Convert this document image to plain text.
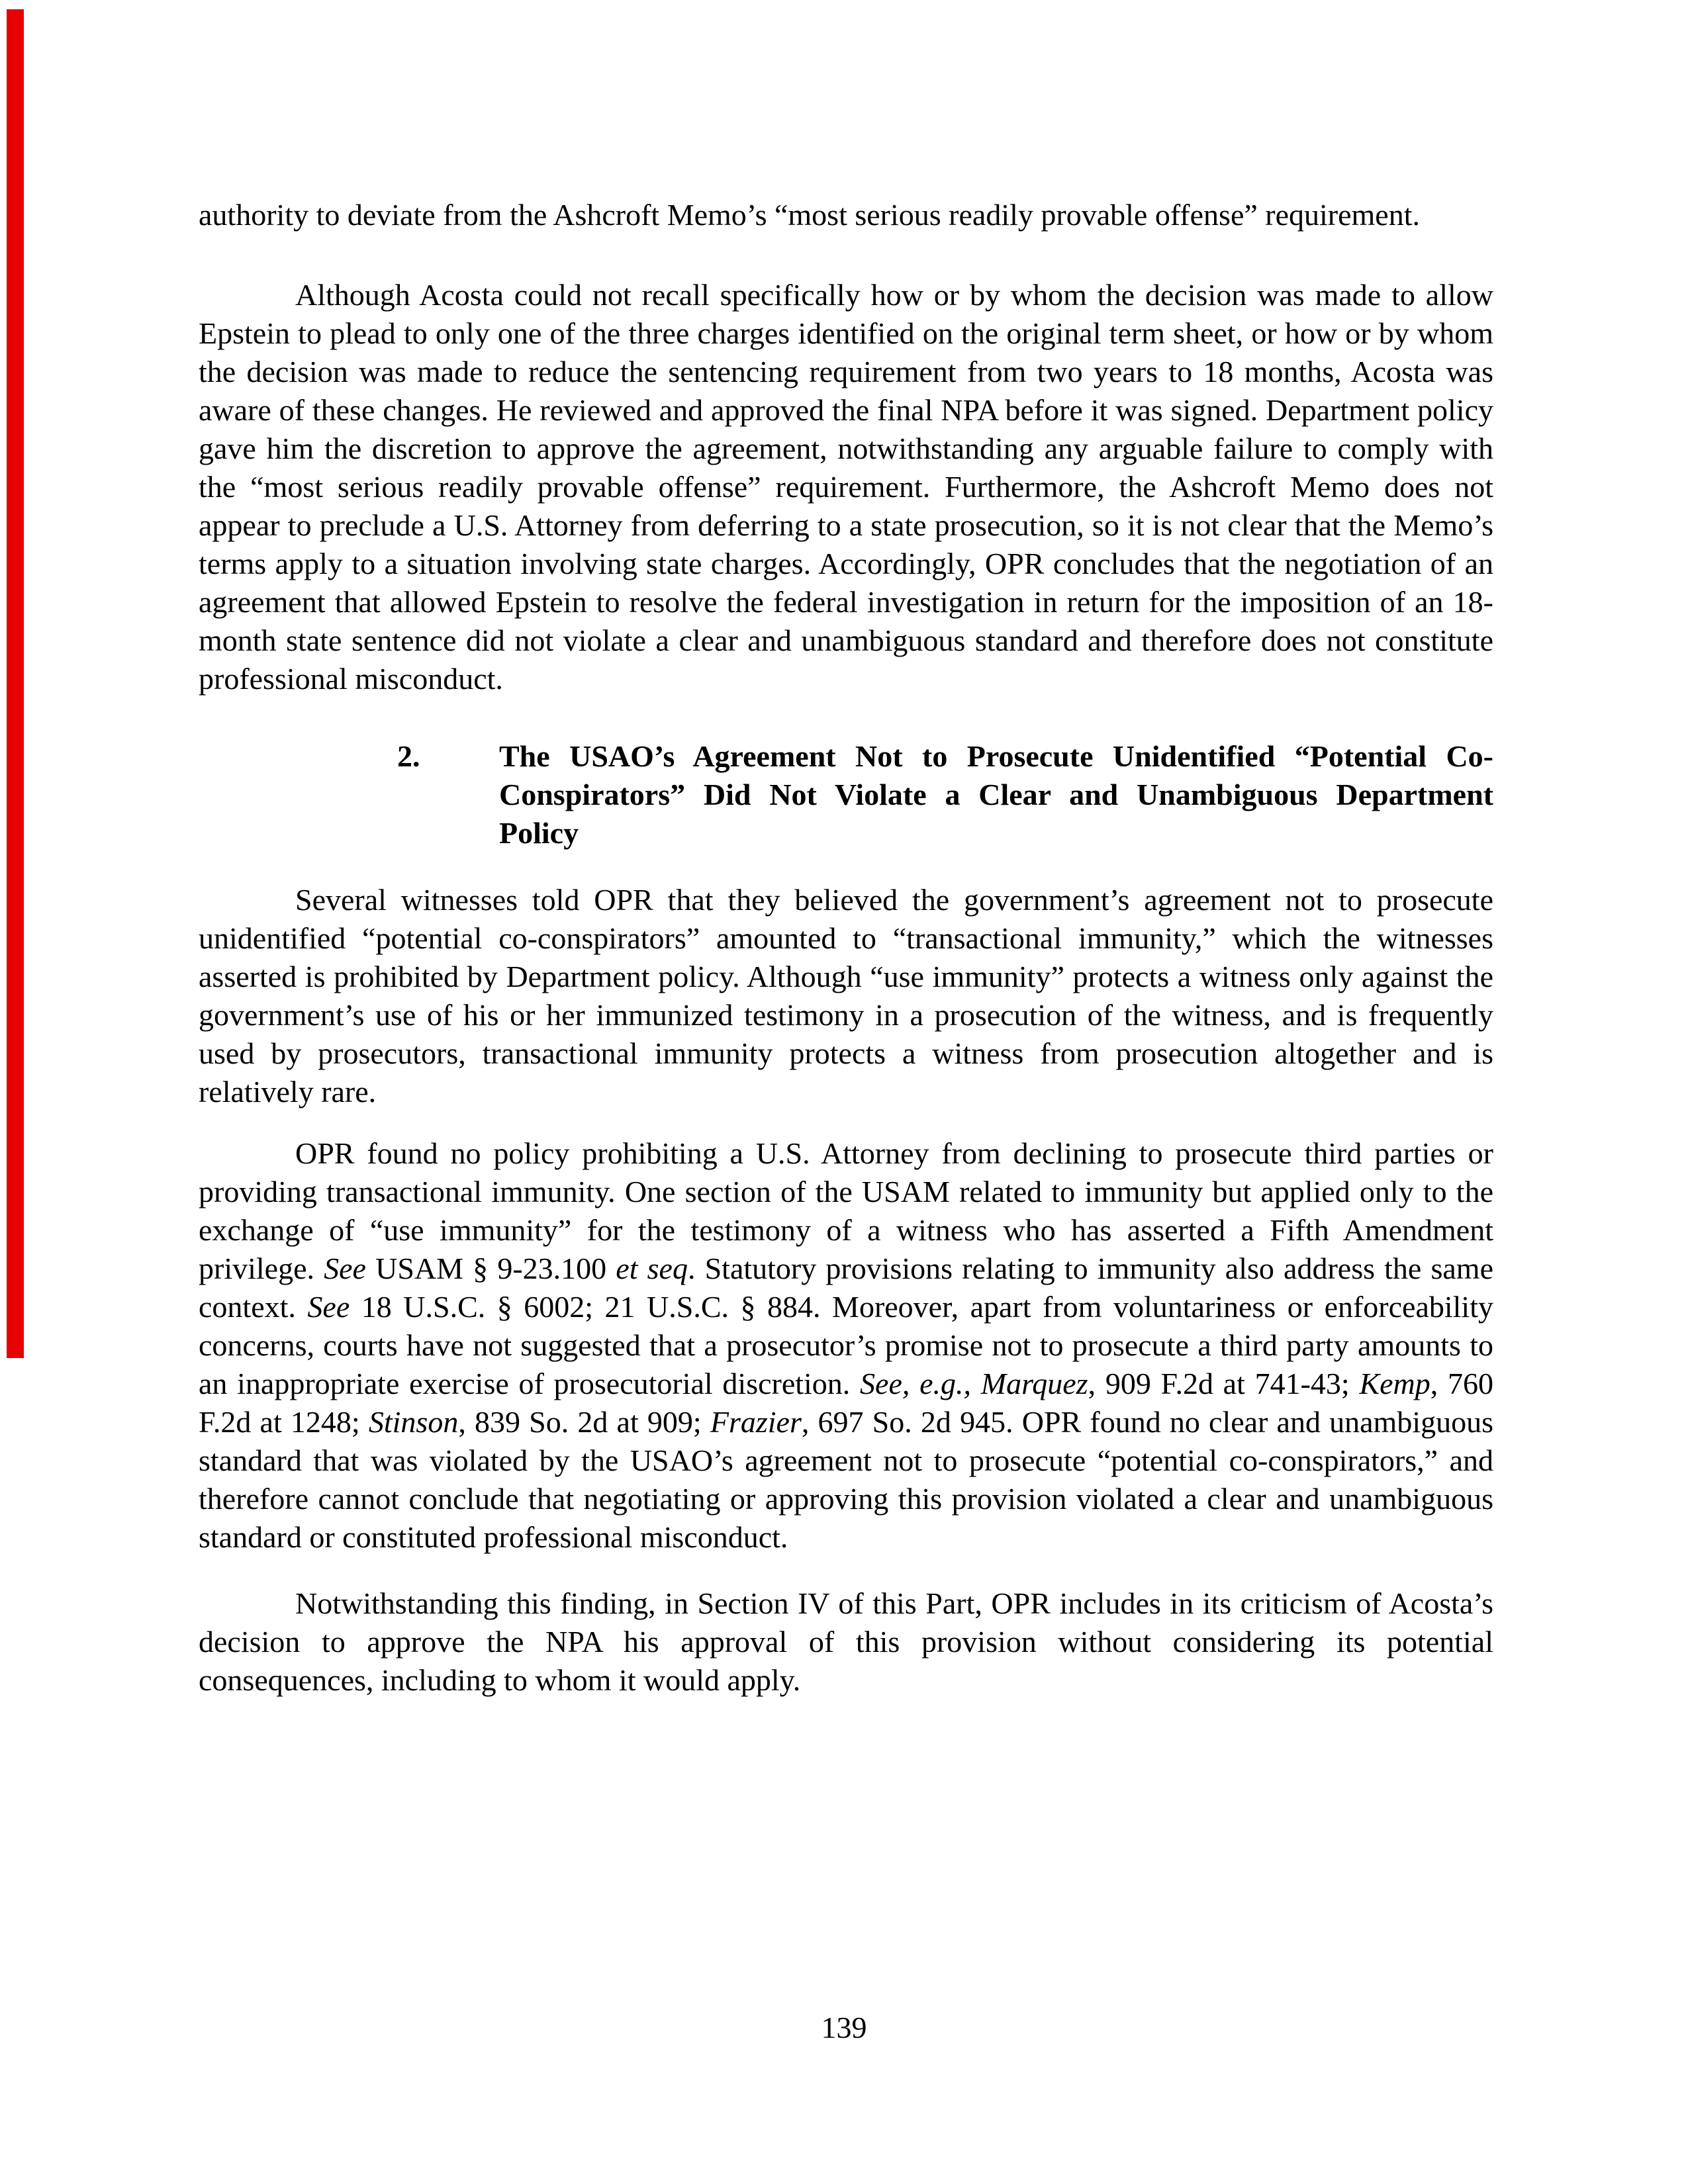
authority to deviate from the Ashcroft Memo’s “most serious readily provable offense” requirement.

Although Acosta could not recall specifically how or by whom the decision was made to allow Epstein to plead to only one of the three charges identified on the original term sheet, or how or by whom the decision was made to reduce the sentencing requirement from two years to 18 months, Acosta was aware of these changes. He reviewed and approved the final NPA before it was signed. Department policy gave him the discretion to approve the agreement, notwithstanding any arguable failure to comply with the “most serious readily provable offense” requirement. Furthermore, the Ashcroft Memo does not appear to preclude a U.S. Attorney from deferring to a state prosecution, so it is not clear that the Memo’s terms apply to a situation involving state charges. Accordingly, OPR concludes that the negotiation of an agreement that allowed Epstein to resolve the federal investigation in return for the imposition of an 18-month state sentence did not violate a clear and unambiguous standard and therefore does not constitute professional misconduct.

2.	The USAO’s Agreement Not to Prosecute Unidentified “Potential Co-Conspirators” Did Not Violate a Clear and Unambiguous Department Policy

Several witnesses told OPR that they believed the government’s agreement not to prosecute unidentified “potential co-conspirators” amounted to “transactional immunity,” which the witnesses asserted is prohibited by Department policy. Although “use immunity” protects a witness only against the government’s use of his or her immunized testimony in a prosecution of the witness, and is frequently used by prosecutors, transactional immunity protects a witness from prosecution altogether and is relatively rare.

OPR found no policy prohibiting a U.S. Attorney from declining to prosecute third parties or providing transactional immunity. One section of the USAM related to immunity but applied only to the exchange of “use immunity” for the testimony of a witness who has asserted a Fifth Amendment privilege. See USAM § 9-23.100 et seq. Statutory provisions relating to immunity also address the same context. See 18 U.S.C. § 6002; 21 U.S.C. § 884. Moreover, apart from voluntariness or enforceability concerns, courts have not suggested that a prosecutor’s promise not to prosecute a third party amounts to an inappropriate exercise of prosecutorial discretion. See, e.g., Marquez, 909 F.2d at 741-43; Kemp, 760 F.2d at 1248; Stinson, 839 So. 2d at 909; Frazier, 697 So. 2d 945. OPR found no clear and unambiguous standard that was violated by the USAO’s agreement not to prosecute “potential co-conspirators,” and therefore cannot conclude that negotiating or approving this provision violated a clear and unambiguous standard or constituted professional misconduct.

Notwithstanding this finding, in Section IV of this Part, OPR includes in its criticism of Acosta’s decision to approve the NPA his approval of this provision without considering its potential consequences, including to whom it would apply.

139
